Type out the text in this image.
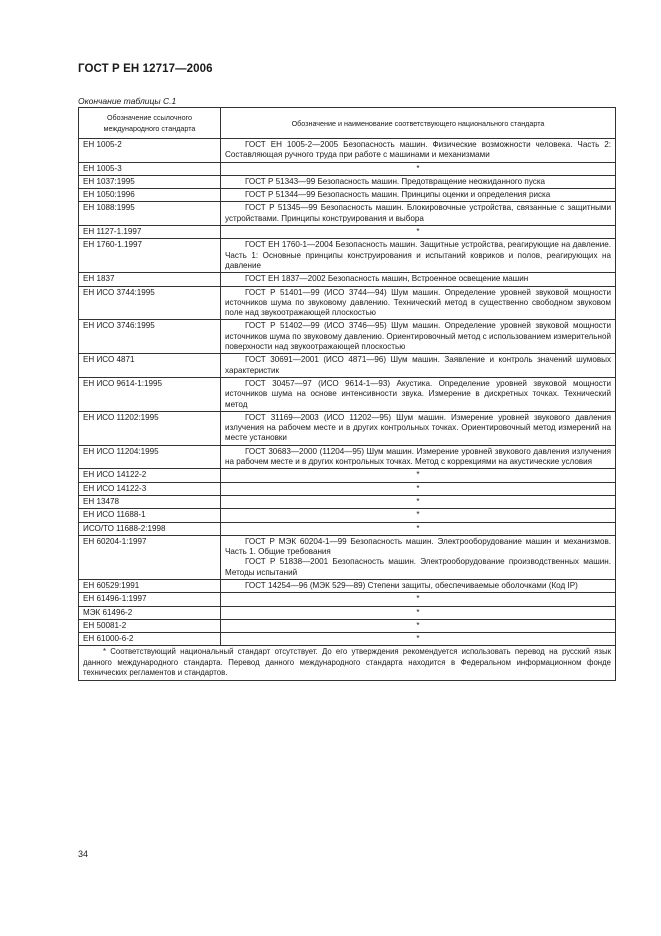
ГОСТ Р ЕН 12717—2006
Окончание таблицы С.1
Обозначение ссылочного международного стандарта	Обозначение и наименование соответствующего национального стандарта
ЕН 1005-2	ГОСТ ЕН 1005-2—2005 Безопасность машин. Физические возможности человека. Часть 2: Составляющая ручного труда при работе с машинами и механизмами

ЕН 1005-3	*
ЕН 1037:1995	ГОСТ Р 51343—99 Безопасность машин. Предотвращение неожиданного пуска

ЕН 1050:1996	ГОСТ Р 51344—99 Безопасность машин. Принципы оценки и определения риска

ЕН 1088:1995	ГОСТ Р 51345—99 Безопасность машин. Блокировочные устройства, связанные с защитными устройствами. Принципы конструирования и выбора

ЕН 1127-1.1997	*
ЕН 1760-1.1997	ГОСТ ЕН 1760-1—2004 Безопасность машин. Защитные устройства, реагирующие на давление. Часть 1: Основные принципы конструирования и испытаний ковриков и полов, реагирующих на давление

ЕН 1837	ГОСТ ЕН 1837—2002 Безопасность машин, Встроенное освещение машин

ЕН ИСО 3744:1995	ГОСТ Р 51401—99 (ИСО 3744—94) Шум машин. Определение уровней звуковой мощности источников шума по звуковому давлению. Технический метод в существенно свободном звуковом поле над звукоотражающей плоскостью

ЕН ИСО 3746:1995	ГОСТ Р 51402—99 (ИСО 3746—95) Шум машин. Определение уровней звуковой мощности источников шума по звуковому давлению. Ориентировочный метод с использованием измерительной поверхности над звукоотражающей плоскостью

ЕН ИСО 4871	ГОСТ 30691—2001 (ИСО 4871—96) Шум машин. Заявление и контроль значений шумовых характеристик

ЕН ИСО 9614-1:1995	ГОСТ 30457—97 (ИСО 9614-1—93) Акустика. Определение уровней звуковой мощности источников шума на основе интенсивности звука. Измерение в дискретных точках. Технический метод

ЕН ИСО 11202:1995	ГОСТ 31169—2003 (ИСО 11202—95) Шум машин. Измерение уровней звукового давления излучения на рабочем месте и в других контрольных точках. Ориентировочный метод измерений на месте установки

ЕН ИСО 11204:1995	ГОСТ 30683—2000 (11204—95) Шум машин. Измерение уровней звукового давления излучения на рабочем месте и в других контрольных точках. Метод с коррекциями на акустические условия

ЕН ИСО 14122-2	*
ЕН ИСО 14122-3	*
ЕН 13478	*
ЕН ИСО 11688-1	*
ИСО/ТО 11688-2:1998	*
ЕН 60204-1:1997	ГОСТ Р МЭК 60204-1—99 Безопасность машин. Электрооборудование машин и механизмов. Часть 1. Общие требования
ГОСТ Р 51838—2001 Безопасность машин. Электрооборудование производственных машин. Методы испытаний

ЕН 60529:1991	ГОСТ 14254—96 (МЭК 529—89) Степени защиты, обеспечиваемые оболочками (Код IP)

ЕН 61496-1:1997	*
МЭК 61496-2	*
ЕН 50081-2	*
ЕН 61000-6-2	*

* Соответствующий национальный стандарт отсутствует. До его утверждения рекомендуется использовать перевод на русский язык данного международного стандарта. Перевод данного международного стандарта находится в Федеральном информационном фонде технических регламентов и стандартов.	
34
